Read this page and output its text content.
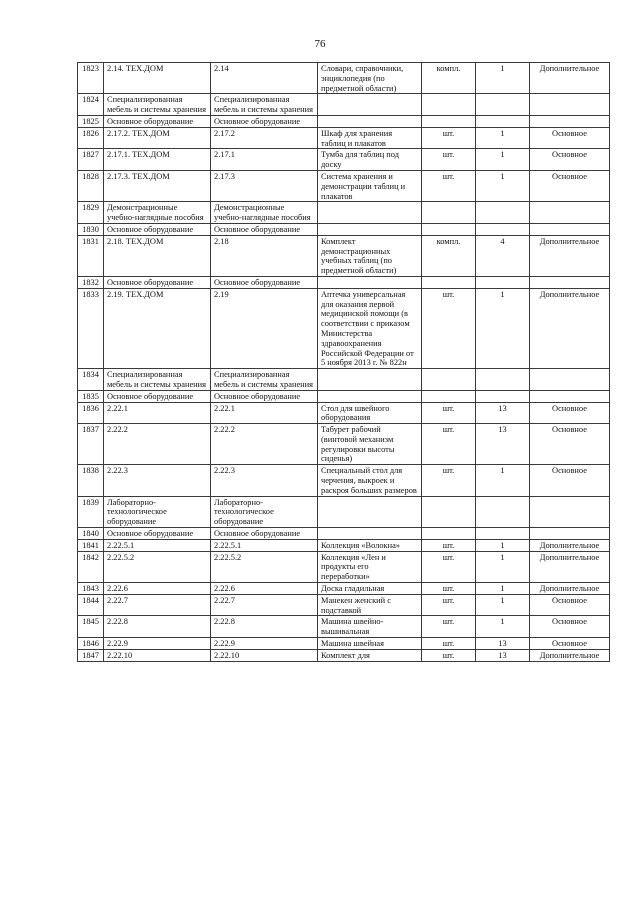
76
1823	2.14. ТЕХ.ДОМ	2.14	Словари, справочники, энциклопедия (по предметной области)	компл.	1	Дополнительное
1824	Специализированная мебель и системы хранения	Специализированная мебель и системы хранения				
1825	Основное оборудование	Основное оборудование				
1826	2.17.2. ТЕХ.ДОМ	2.17.2	Шкаф для хранения таблиц и плакатов	шт.	1	Основное
1827	2.17.1. ТЕХ.ДОМ	2.17.1	Тумба для таблиц под доску	шт.	1	Основное
1828	2.17.3. ТЕХ.ДОМ	2.17.3	Система хранения и демонстрации таблиц и плакатов	шт.	1	Основное
1829	Демонстрационные учебно-наглядные пособия	Демонстрационные учебно-наглядные пособия				
1830	Основное оборудование	Основное оборудование				
1831	2.18. ТЕХ.ДОМ	2.18	Комплект демонстрационных учебных таблиц (по предметной области)	компл.	4	Дополнительное
1832	Основное оборудование	Основное оборудование				
1833	2.19. ТЕХ.ДОМ	2.19	Аптечка универсальная для оказания первой медицинской помощи (в соответствии с приказом Министерства здравоохранения Российской Федерации от 5 ноября 2013 г. № 822н	шт.	1	Дополнительное
1834	Специализированная мебель и системы хранения	Специализированная мебель и системы хранения				
1835	Основное оборудование	Основное оборудование				
1836	2.22.1	2.22.1	Стол для швейного оборудования	шт.	13	Основное
1837	2.22.2	2.22.2	Табурет рабочий (винтовой механизм регулировки высоты сиденья)	шт.	13	Основное
1838	2.22.3	2.22.3	Специальный стол для черчения, выкроек и раскроя больших размеров	шт.	1	Основное
1839	Лабораторно-технологическое оборудование	Лабораторно-технологическое оборудование				
1840	Основное оборудование	Основное оборудование				
1841	2.22.5.1	2.22.5.1	Коллекция «Волокна»	шт.	1	Дополнительное
1842	2.22.5.2	2.22.5.2	Коллекция «Лен и продукты его переработки»	шт.	1	Дополнительное
1843	2.22.6	2.22.6	Доска гладильная	шт.	1	Дополнительное
1844	2.22.7	2.22.7	Манекен женский с подставкой	шт.	1	Основное
1845	2.22.8	2.22.8	Машина швейно-вышивальная	шт.	1	Основное
1846	2.22.9	2.22.9	Машина швейная	шт.	13	Основное
1847	2.22.10	2.22.10	Комплект для	шт.	13	Дополнительное
